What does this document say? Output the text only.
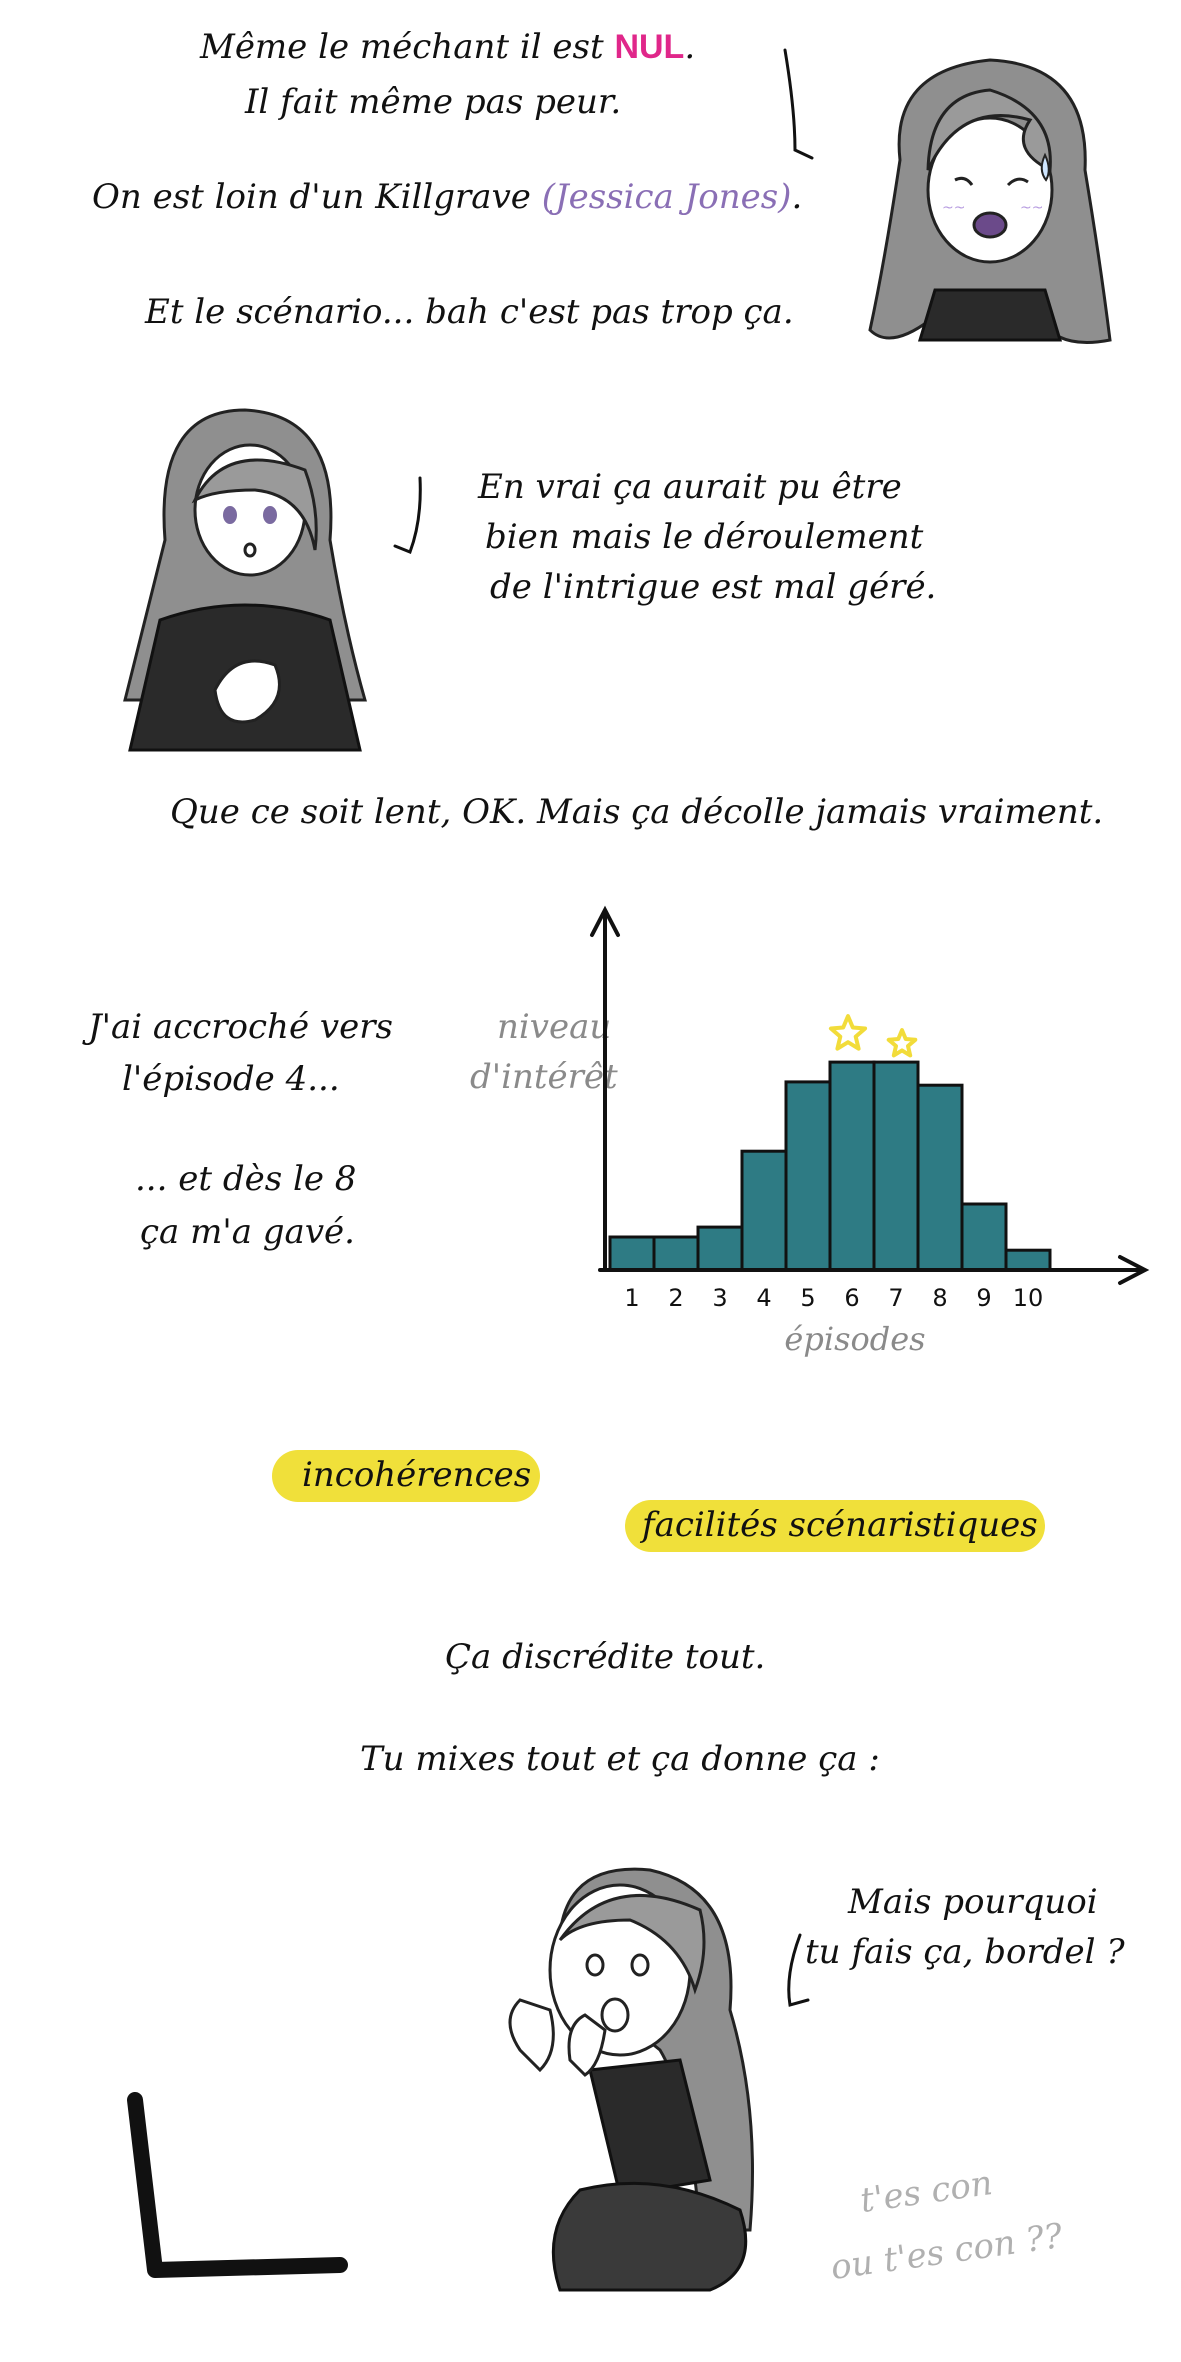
Même le méchant il est NUL.
Il fait même pas peur.
On est loin d'un Killgrave (Jessica Jones).
Et le scénario... bah c'est pas trop ça.
~~	~~
En vrai ça aurait pu être
bien mais le déroulement
de l'intrigue est mal géré.
Que ce soit lent, OK. Mais ça décolle jamais vraiment.
J'ai accroché vers
l'épisode 4...
... et dès le 8
ça m'a gavé.
niveau
d'intérêt
1 2 3 4 5 6 7 8 9 10
épisodes
incohérences
facilités scénaristiques
Ça discrédite tout.
Tu mixes tout et ça donne ça :
Mais pourquoi
tu fais ça, bordel ?
t'es con
ou t'es con ??
